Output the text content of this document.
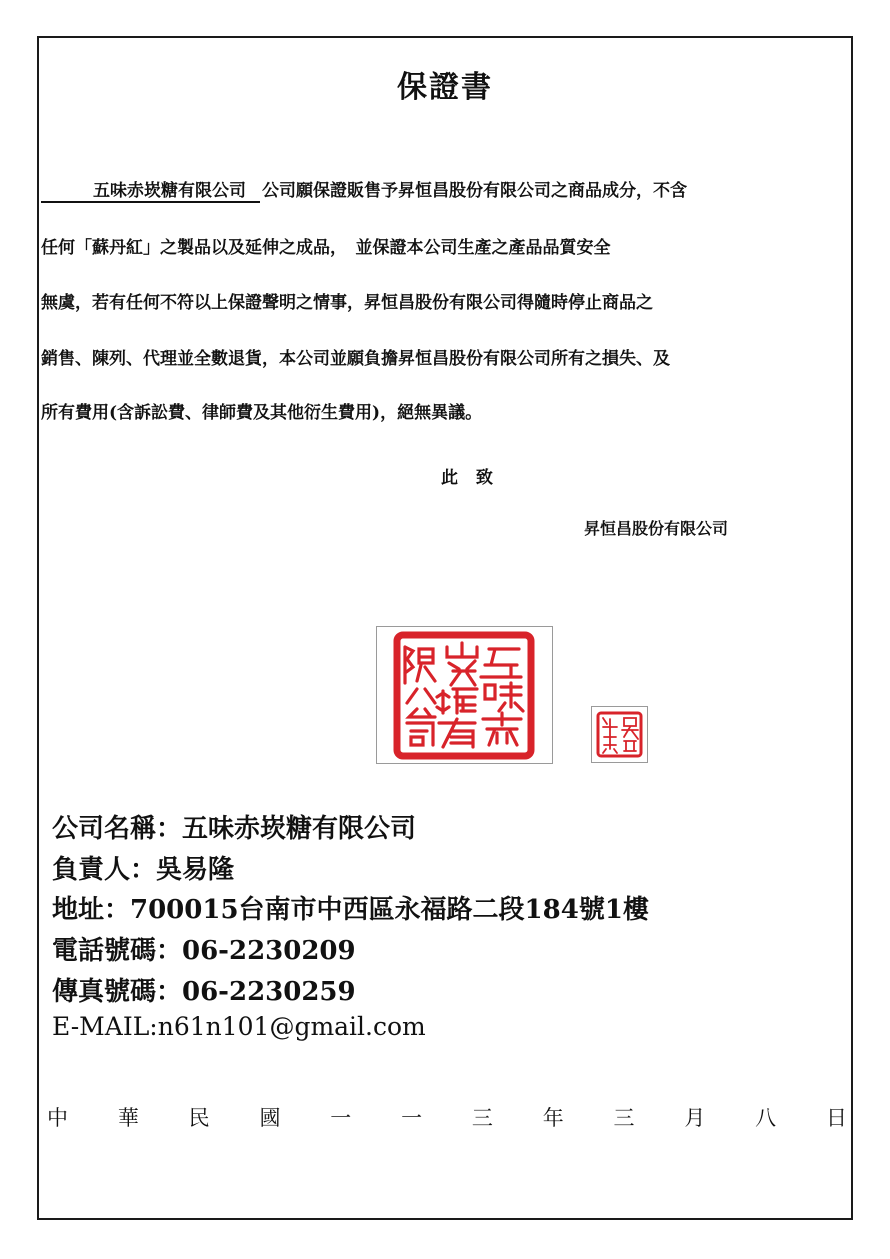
保證書
五味赤崁糖有限公司 公司願保證販售予昇恒昌股份有限公司之商品成分，不含
任何「蘇丹紅」之製品以及延伸之成品，　並保證本公司生產之產品品質安全
無虞，若有任何不符以上保證聲明之情事，昇恒昌股份有限公司得隨時停止商品之
銷售、陳列、代理並全數退貨，本公司並願負擔昇恒昌股份有限公司所有之損失、及
所有費用(含訴訟費、律師費及其他衍生費用)，絕無異議。
此 致
昇恒昌股份有限公司
公司名稱：五味赤崁糖有限公司
負責人：吳易隆
地址：700015台南市中西區永福路二段184號1樓
電話號碼：06-2230209
傳真號碼：06-2230259
E-MAIL:n61n101@gmail.com
中 華 民 國 一 一 三 年 三 月 八 日
